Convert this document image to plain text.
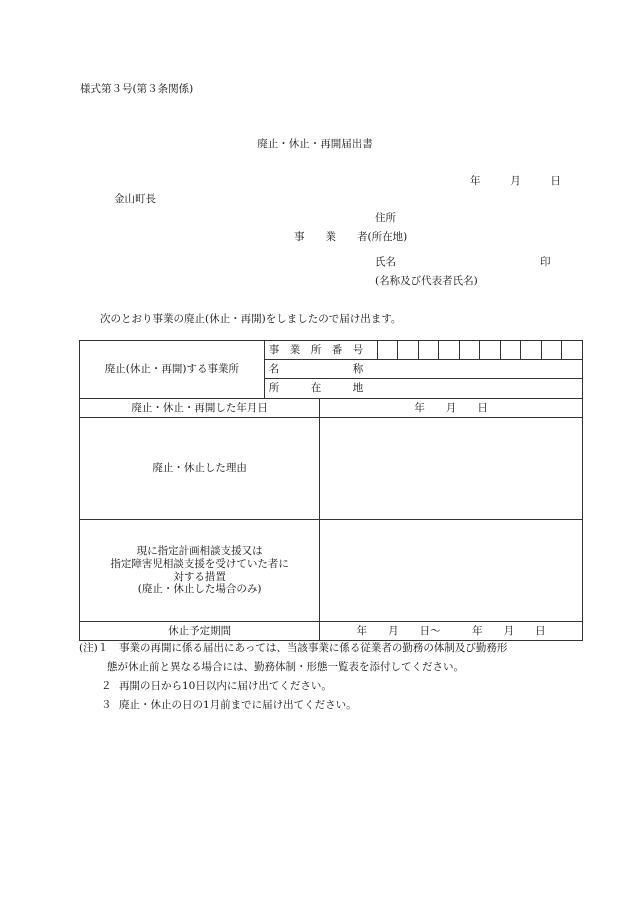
様式第３号(第３条関係)
廃止・休止・再開届出書
年	月	日
金山町長
住所
事　　業　　者(所在地)
氏名	印
(名称及び代表者氏名)
次のとおり事業の廃止(休止・再開)をしましたので届け出ます。
廃止(休止・再開)する事業所	事　業　所　番　号											
	名　　　　　　　称											
	所　　　在　　　地											
廃止・休止・再開した年月日		年　　月　　日										
廃止・休止した理由												

現に指定計画相談支援又は
指定障害児相談支援を受けていた者に
対する措置
(廃止・休止した場合のみ)												

休止予定期間		年　　月　　日～　　　年　　月　　日										
(注)１ 事業の再開に係る届出にあっては、当該事業に係る従業者の勤務の体制及び勤務形
態が休止前と異なる場合には、勤務体制・形態一覧表を添付してください。
２ 再開の日から10日以内に届け出てください。
３ 廃止・休止の日の1月前までに届け出てください。
